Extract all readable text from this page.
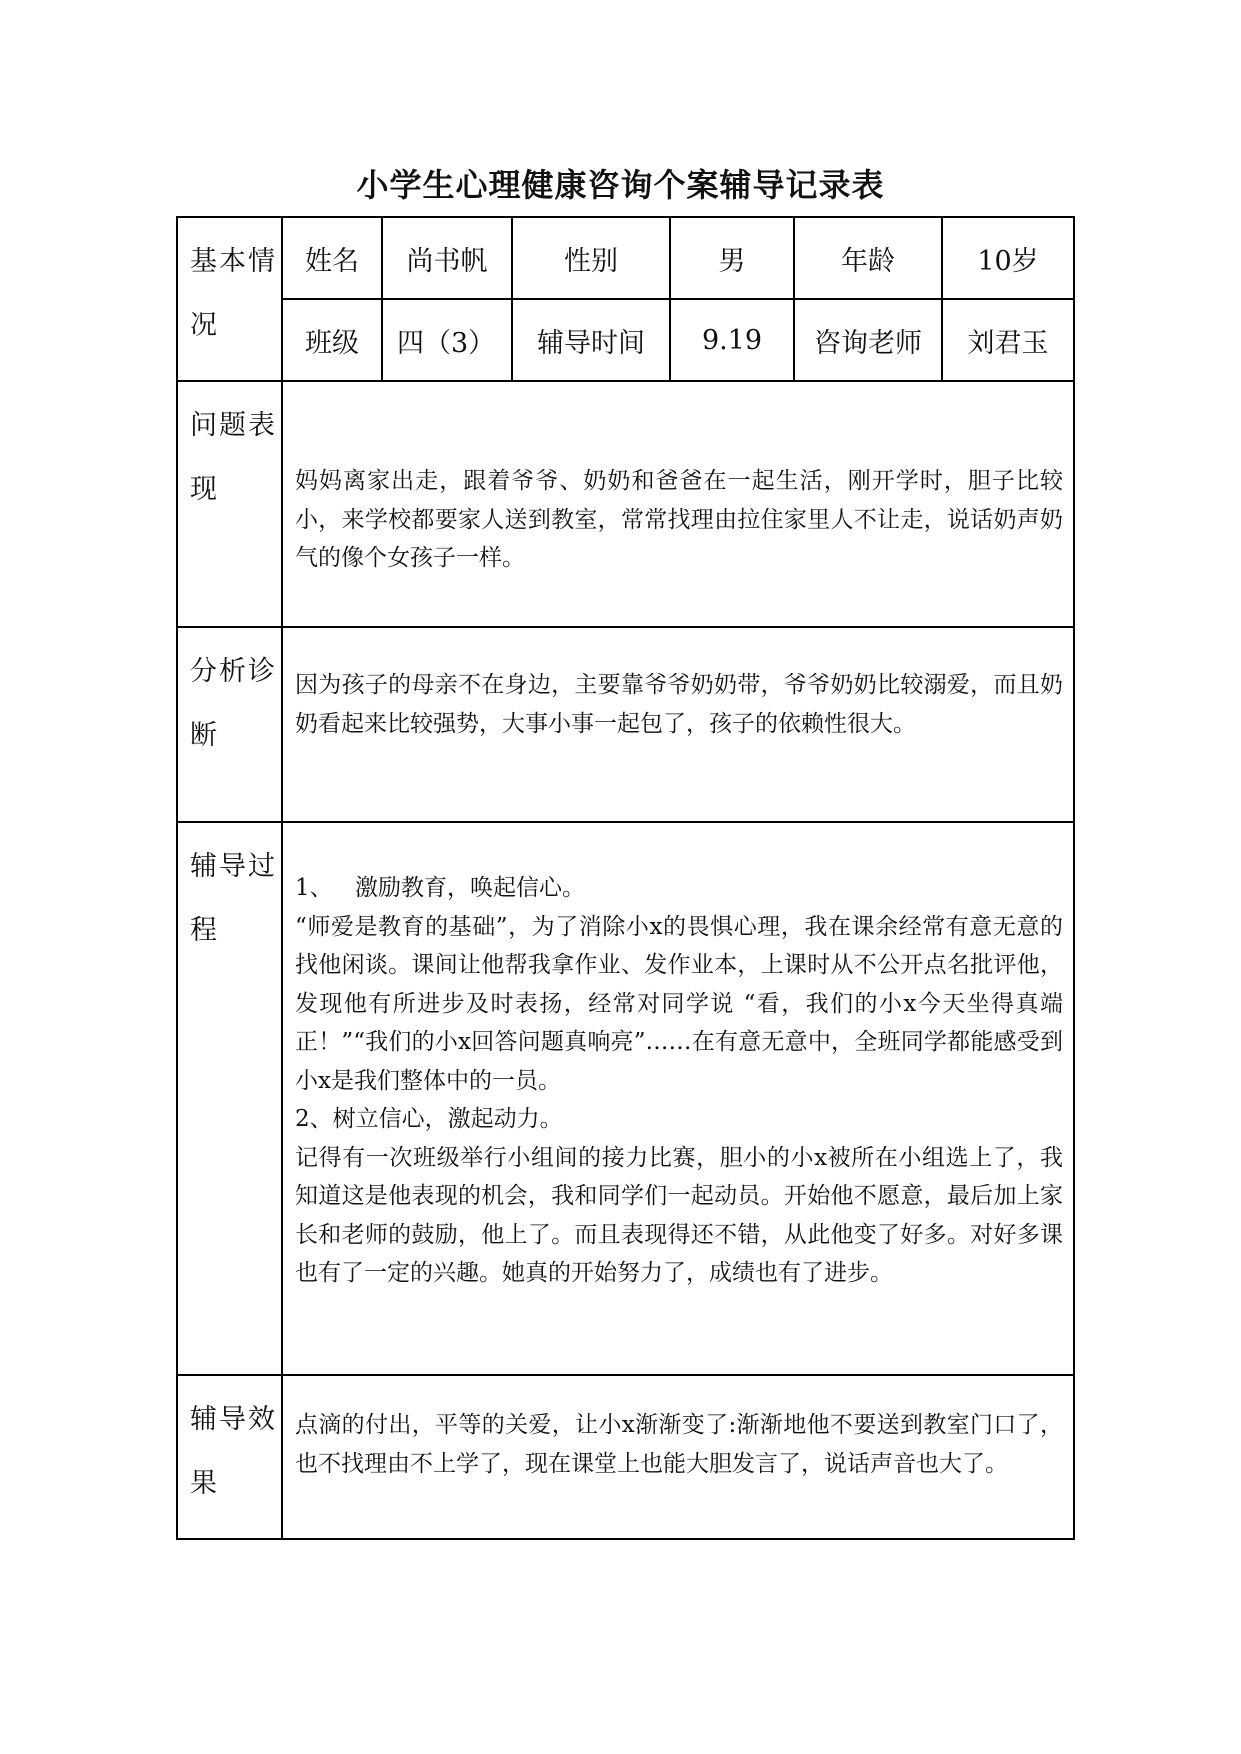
小学生心理健康咨询个案辅导记录表
基本情况	姓名	尚书帆	性别	男	年龄	10岁
	班级	四（3）	辅导时间	9.19	咨询老师	刘君玉
问题表现	妈妈离家出走，跟着爷爷、奶奶和爸爸在一起生活，刚开学时，胆子比较小，来学校都要家人送到教室，常常找理由拉住家里人不让走，说话奶声奶气的像个女孩子一样。					

分析诊断	因为孩子的母亲不在身边，主要靠爷爷奶奶带，爷爷奶奶比较溺爱，而且奶奶看起来比较强势，大事小事一起包了，孩子的依赖性很大。					

辅导过程	1、 激励教育，唤起信心。

“师爱是教育的基础”，为了消除小x的畏惧心理，我在课余经常有意无意的找他闲谈。课间让他帮我拿作业、发作业本，上课时从不公开点名批评他，发现他有所进步及时表扬，经常对同学说 “看，我们的小x今天坐得真端正！”“我们的小x回答问题真响亮”……在有意无意中，全班同学都能感受到小x是我们整体中的一员。

2、树立信心，激起动力。

记得有一次班级举行小组间的接力比赛，胆小的小x被所在小组选上了，我知道这是他表现的机会，我和同学们一起动员。开始他不愿意，最后加上家长和老师的鼓励，他上了。而且表现得还不错，从此他变了好多。对好多课也有了一定的兴趣。她真的开始努力了，成绩也有了进步。					

辅导效果	点滴的付出，平等的关爱，让小x渐渐变了:渐渐地他不要送到教室门口了，也不找理由不上学了，现在课堂上也能大胆发言了，说话声音也大了。					
